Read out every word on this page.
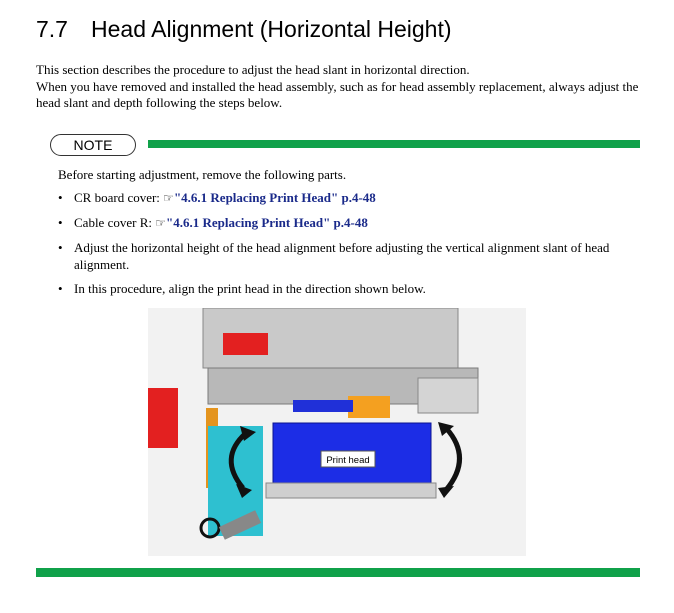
7.7 Head Alignment (Horizontal Height)

This section describes the procedure to adjust the head slant in horizontal direction.

When you have removed and installed the head assembly, such as for head assembly replacement, always adjust the head slant and depth following the steps below.

NOTE

Before starting adjustment, remove the following parts.

• CR board cover: ☞"4.6.1 Replacing Print Head" p.4-48
• Cable cover R: ☞"4.6.1 Replacing Print Head" p.4-48
• Adjust the horizontal height of the head alignment before adjusting the vertical alignment slant of head alignment.
• In this procedure, align the print head in the direction shown below.
Print head
